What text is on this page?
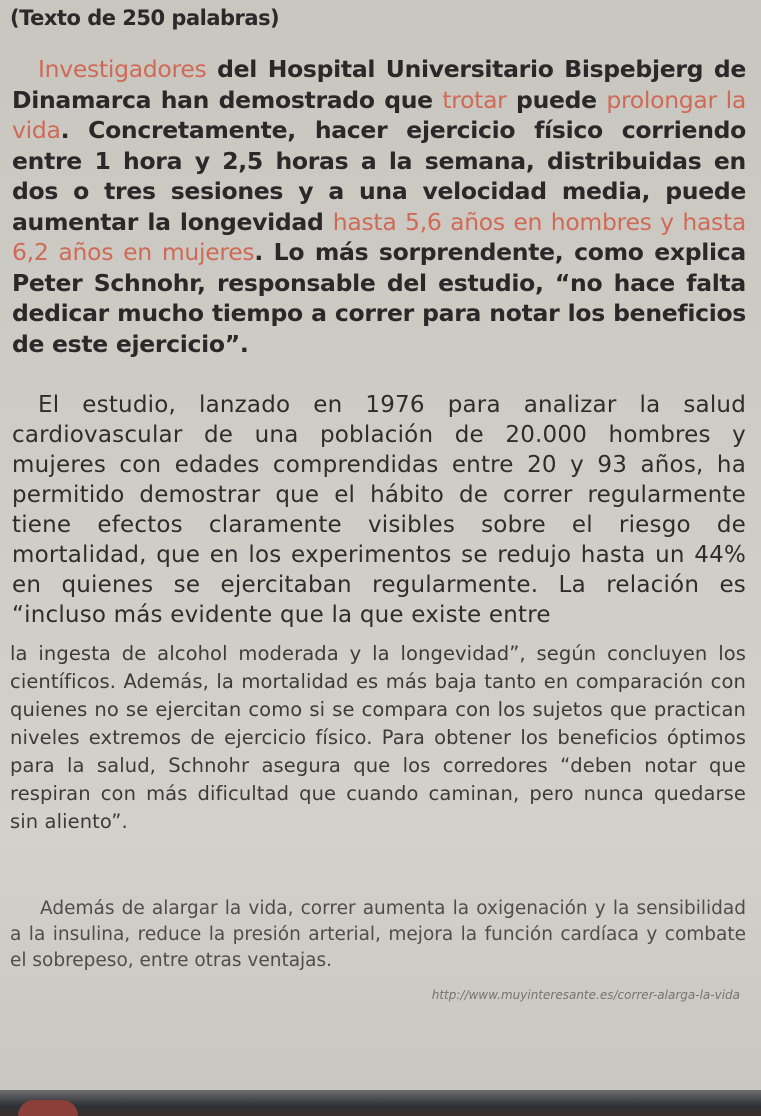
(Texto de 250 palabras)

Investigadores del Hospital Universitario Bispebjerg de Dinamarca han demostrado que trotar puede prolongar la vida. Concretamente, hacer ejercicio físico corriendo entre 1 hora y 2,5 horas a la semana, distribuidas en dos o tres sesiones y a una velocidad media, puede aumentar la longevidad hasta 5,6 años en hombres y hasta 6,2 años en mujeres. Lo más sorprendente, como explica Peter Schnohr, responsable del estudio, “no hace falta dedicar mucho tiempo a correr para notar los beneficios de este ejercicio”.

El estudio, lanzado en 1976 para analizar la salud cardiovascular de una población de 20.000 hombres y mujeres con edades comprendidas entre 20 y 93 años, ha permitido demostrar que el hábito de correr regularmente tiene efectos claramente visibles sobre el riesgo de mortalidad, que en los experimentos se redujo hasta un 44% en quienes se ejercitaban regularmente. La relación es “incluso más evidente que la que existe entre

la ingesta de alcohol moderada y la longevidad”, según concluyen los científicos. Además, la mortalidad es más baja tanto en comparación con quienes no se ejercitan como si se compara con los sujetos que practican niveles extremos de ejercicio físico. Para obtener los beneficios óptimos para la salud, Schnohr asegura que los corredores “deben notar que respiran con más dificultad que cuando caminan, pero nunca quedarse sin aliento”.

Además de alargar la vida, correr aumenta la oxigenación y la sensibilidad a la insulina, reduce la presión arterial, mejora la función cardíaca y combate el sobrepeso, entre otras ventajas.

http://www.muyinteresante.es/correr-alarga-la-vida
